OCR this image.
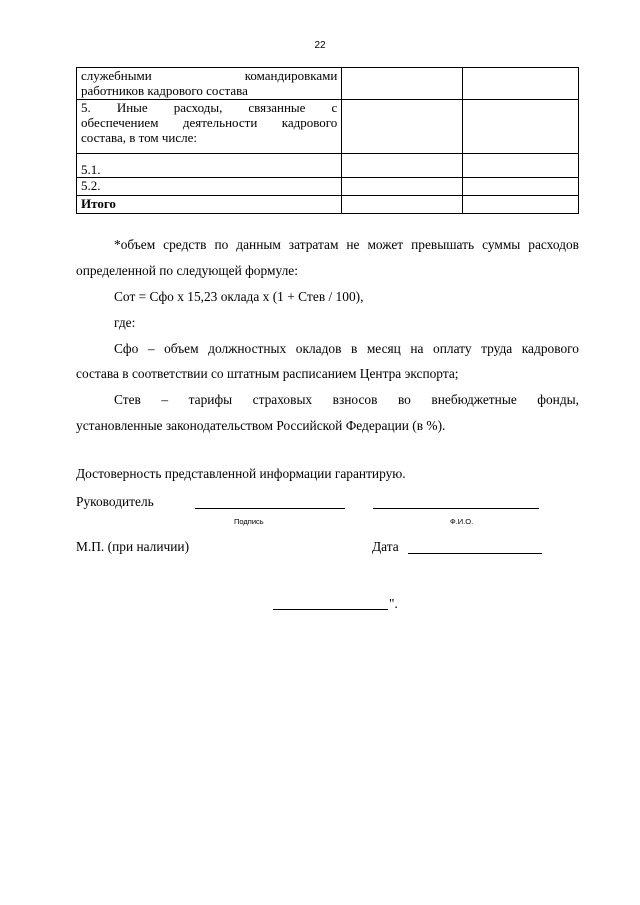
22
служебными командировками
работников кадрового состава		

5. Иные расходы, связанные с
обеспечением деятельности кадрового
состава, в том числе:		

5.1.		
5.2.		
Итого		
*объем средств по данным затратам не может превышать суммы расходов
определенной по следующей формуле:
Сот = Сфо х 15,23 оклада х (1 + Cтев / 100),
где:
Сфо – объем должностных окладов в месяц на оплату труда кадрового
состава в соответствии со штатным расписанием Центра экспорта;
Стев – тарифы страховых взносов во внебюджетные фонды,
установленные законодательством Российской Федерации (в %).
Достоверность представленной информации гарантирую.
Руководитель
Подпись	Ф.И.О.
М.П. (при наличии)	Дата
".
